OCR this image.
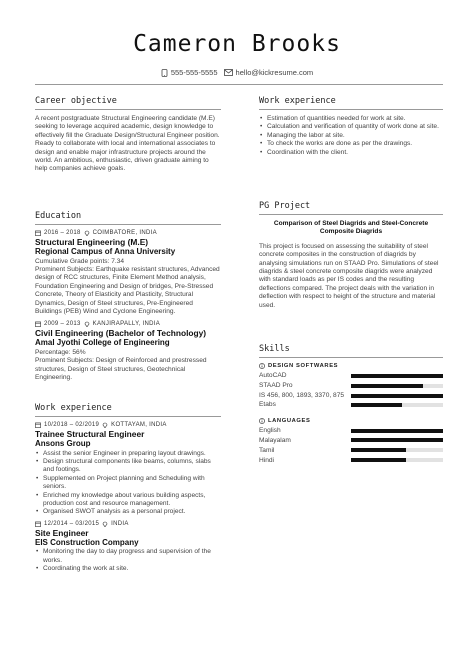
Cameron Brooks
555-555-5555 hello@kickresume.com
Career objective
A recent postgraduate Structural Engineering candidate (M.E) seeking to leverage acquired academic, design knowledge to effectively fill the Graduate Design/Structural Engineer position. Ready to collaborate with local and international associates to design and enable major infrastructure projects around the world. An ambitious, enthusiastic, driven graduate aiming to help companies achieve goals.
Education
2016 – 2018 COIMBATORE, INDIA
Structural Engineering (M.E)
Regional Campus of Anna University
Cumulative Grade points: 7.34
Prominent Subjects: Earthquake resistant structures, Advanced design of RCC structures, Finite Element Method analysis, Foundation Engineering and Design of bridges, Pre-Stressed Concrete, Theory of Elasticity and Plasticity, Structural Dynamics, Design of Steel structures, Pre-Engineered Buildings (PEB) Wind and Cyclone Engineering.
2009 – 2013 KANJIRAPALLY, INDIA
Civil Engineering (Bachelor of Technology)
Amal Jyothi College of Engineering
Percentage: 56%
Prominent Subjects: Design of Reinforced and prestressed structures, Design of Steel structures, Geotechnical Engineering.
Work experience
10/2018 – 02/2019 KOTTAYAM, INDIA
Trainee Structural Engineer
Ansons Group
• Assist the senior Engineer in preparing layout drawings.
• Design structural components like beams, columns, slabs and footings.
• Supplemented on Project planning and Scheduling with seniors.
• Enriched my knowledge about various building aspects, production cost and resource management.
• Organised SWOT analysis as a personal project.
12/2014 – 03/2015 INDIA
Site Engineer
EIS Construction Company
• Monitoring the day to day progress and supervision of the works.
• Coordinating the work at site.
Work experience
• Estimation of quantities needed for work at site.
• Calculation and verification of quantity of work done at site.
• Managing the labor at site.
• To check the works are done as per the drawings.
• Coordination with the client.
PG Project
Comparison of Steel Diagrids and Steel-Concrete Composite Diagrids
This project is focused on assessing the suitability of steel concrete composites in the construction of diagrids by analysing simulations run on STAAD Pro. Simulations of steel diagrids & steel concrete composite diagrids were analyzed with standard loads as per IS codes and the resulting deflections compared. The project deals with the variation in deflection with respect to height of the structure and material used.
Skills
DESIGN SOFTWARES
AutoCAD
STAAD Pro
IS 456, 800, 1893, 3370, 875
Etabs
LANGUAGES
English
Malayalam
Tamil
Hindi
